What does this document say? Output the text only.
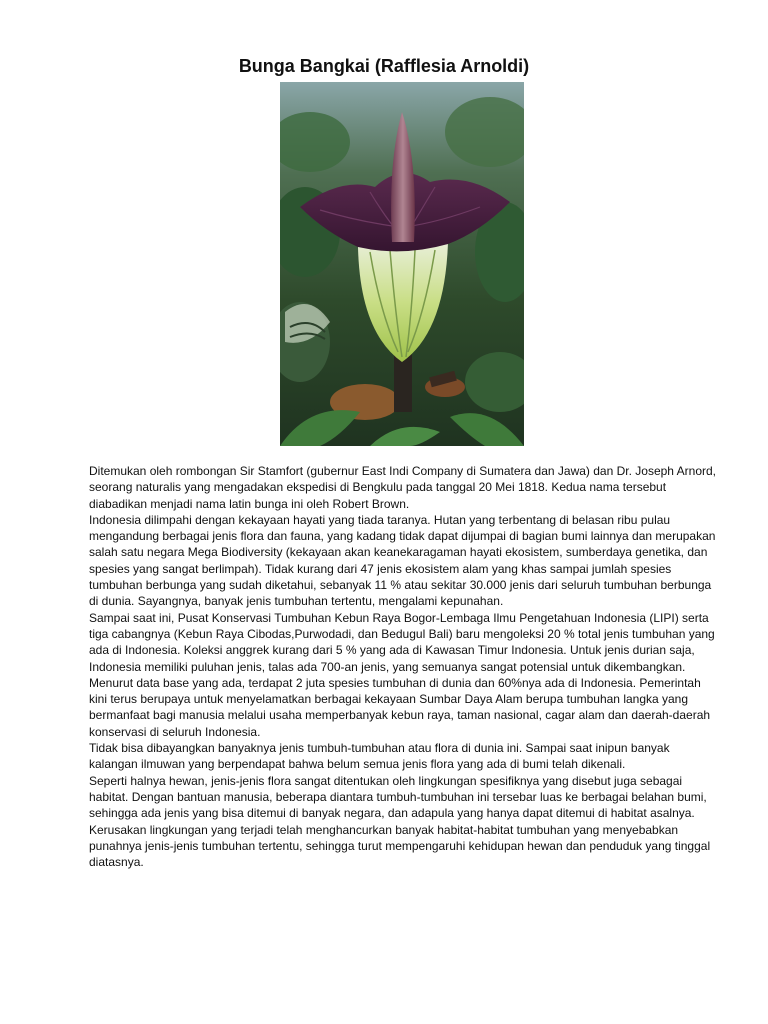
Bunga Bangkai (Rafflesia Arnoldi)

Ditemukan oleh rombongan Sir Stamfort (gubernur East Indi Company di Sumatera dan Jawa) dan Dr. Joseph Arnord, seorang naturalis yang mengadakan ekspedisi di Bengkulu pada tanggal 20 Mei 1818. Kedua nama tersebut diabadikan menjadi nama latin bunga ini oleh Robert Brown.

Indonesia dilimpahi dengan kekayaan hayati yang tiada taranya. Hutan yang terbentang di belasan ribu pulau mengandung berbagai jenis flora dan fauna, yang kadang tidak dapat dijumpai di bagian bumi lainnya dan merupakan salah satu negara Mega Biodiversity (kekayaan akan keanekaragaman hayati ekosistem, sumberdaya genetika, dan spesies yang sangat berlimpah). Tidak kurang dari 47 jenis ekosistem alam yang khas sampai jumlah spesies tumbuhan berbunga yang sudah diketahui, sebanyak 11 % atau sekitar 30.000 jenis dari seluruh tumbuhan berbunga di dunia. Sayangnya, banyak jenis tumbuhan tertentu, mengalami kepunahan.

Sampai saat ini, Pusat Konservasi Tumbuhan Kebun Raya Bogor-Lembaga Ilmu Pengetahuan Indonesia (LIPI) serta tiga cabangnya (Kebun Raya Cibodas,Purwodadi, dan Bedugul Bali) baru mengoleksi 20 % total jenis tumbuhan yang ada di Indonesia. Koleksi anggrek kurang dari 5 % yang ada di Kawasan Timur Indonesia. Untuk jenis durian saja, Indonesia memiliki puluhan jenis, talas ada 700-an jenis, yang semuanya sangat potensial untuk dikembangkan. Menurut data base yang ada, terdapat 2 juta spesies tumbuhan di dunia dan 60%nya ada di Indonesia. Pemerintah kini terus berupaya untuk menyelamatkan berbagai kekayaan Sumbar Daya Alam berupa tumbuhan langka yang bermanfaat bagi manusia melalui usaha memperbanyak kebun raya, taman nasional, cagar alam dan daerah-daerah konservasi di seluruh Indonesia.

Tidak bisa dibayangkan banyaknya jenis tumbuh-tumbuhan atau flora di dunia ini. Sampai saat inipun banyak kalangan ilmuwan yang berpendapat bahwa belum semua jenis flora yang ada di bumi telah dikenali.

Seperti halnya hewan, jenis-jenis flora sangat ditentukan oleh lingkungan spesifiknya yang disebut juga sebagai habitat. Dengan bantuan manusia, beberapa diantara tumbuh-tumbuhan ini tersebar luas ke berbagai belahan bumi, sehingga ada jenis yang bisa ditemui di banyak negara, dan adapula yang hanya dapat ditemui di habitat asalnya.

Kerusakan lingkungan yang terjadi telah menghancurkan banyak habitat-habitat tumbuhan yang menyebabkan punahnya jenis-jenis tumbuhan tertentu, sehingga turut mempengaruhi kehidupan hewan dan penduduk yang tinggal diatasnya.
